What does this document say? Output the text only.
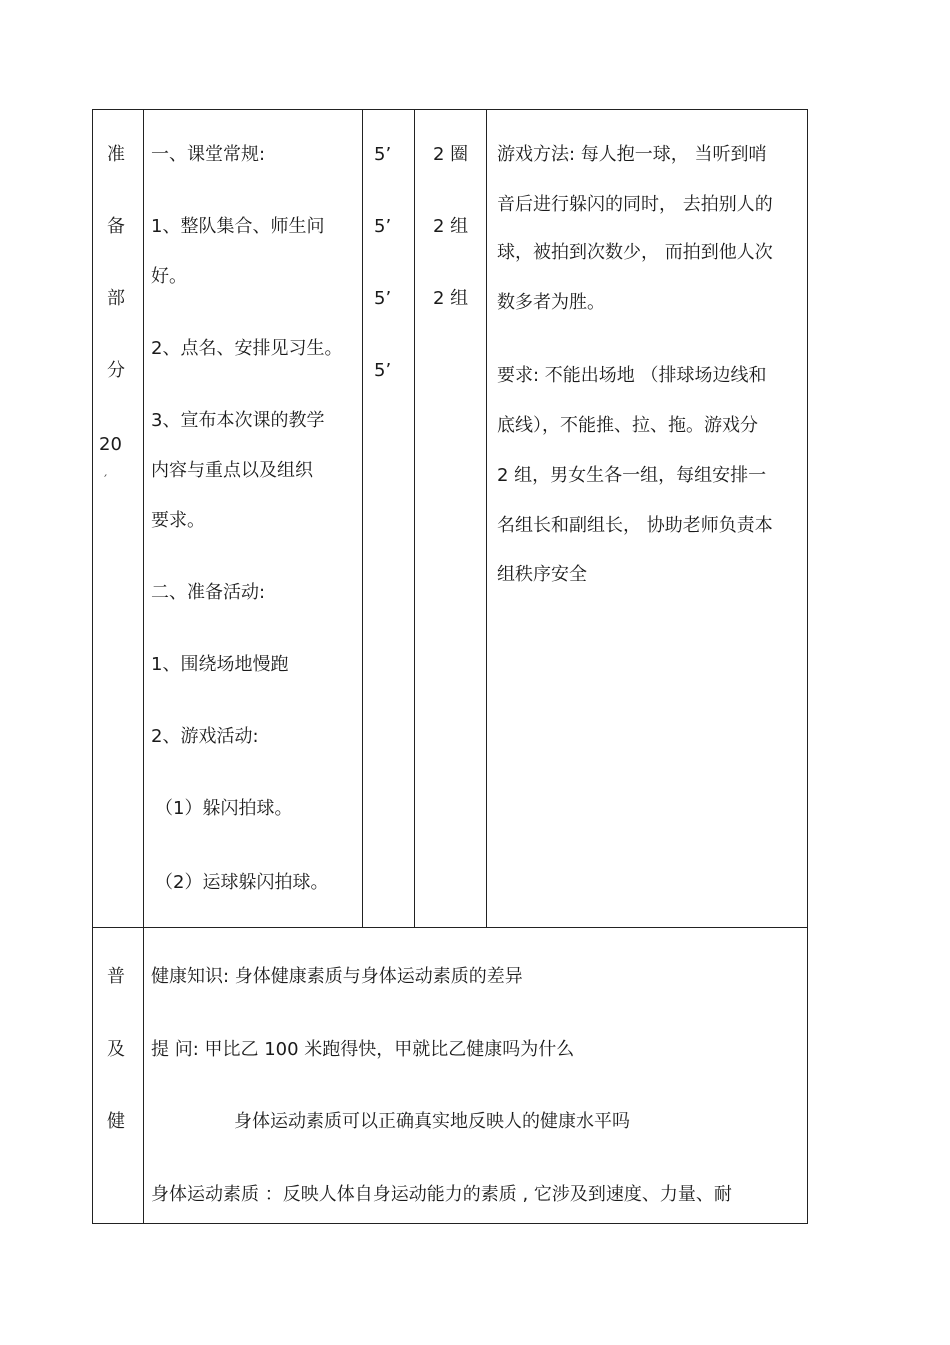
准
备
部
分
20
′
一、课堂常规:
1、整队集合、师生问
好。
2、点名、安排见习生。
3、宣布本次课的教学
内容与重点以及组织
要求。
二、准备活动:
1、围绕场地慢跑
2、游戏活动:
（1）躲闪拍球。
（2）运球躲闪拍球。
5’
5’
5’
5’
2 圈
2 组
2 组
游戏方法: 每人抱一球， 当听到哨
音后进行躲闪的同时， 去拍别人的
球，被拍到次数少， 而拍到他人次
数多者为胜。
要求: 不能出场地 （排球场边线和
底线），不能推、拉、拖。游戏分
2 组，男女生各一组，每组安排一
名组长和副组长， 协助老师负责本
组秩序安全
普
及
健
健康知识: 身体健康素质与身体运动素质的差异
提 问: 甲比乙 100 米跑得快，甲就比乙健康吗为什么
身体运动素质可以正确真实地反映人的健康水平吗
身体运动素质 ：反映人体自身运动能力的素质 , 它涉及到速度、力量、耐
